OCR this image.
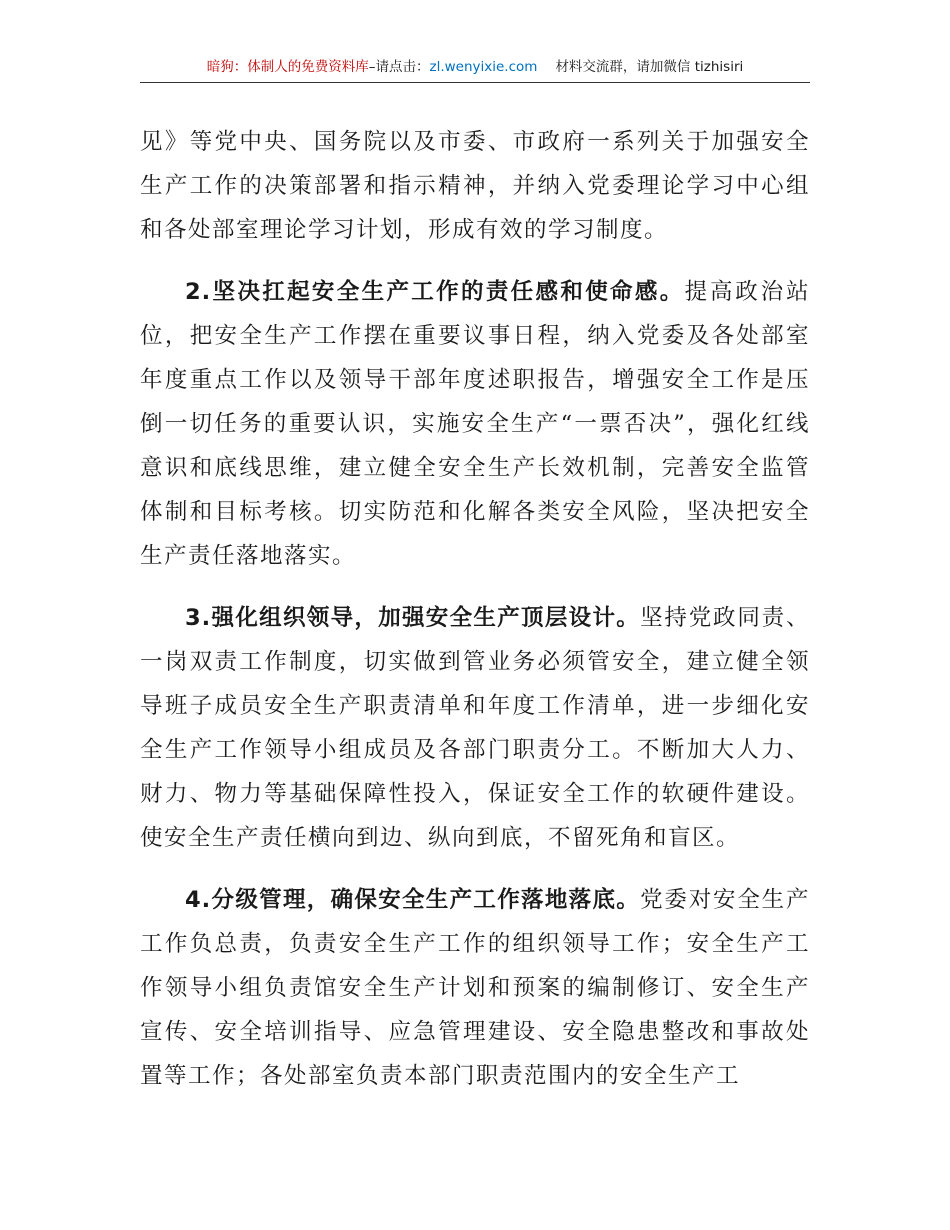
暗狗：体制人的免费资料库–请点击：zl.wenyixie.com 材料交流群，请加微信 tizhisiri

见》等党中央、国务院以及市委、市政府一系列关于加强安全生产工作的决策部署和指示精神，并纳入党委理论学习中心组和各处部室理论学习计划，形成有效的学习制度。

2.坚决扛起安全生产工作的责任感和使命感。提高政治站位，把安全生产工作摆在重要议事日程，纳入党委及各处部室年度重点工作以及领导干部年度述职报告，增强安全工作是压倒一切任务的重要认识，实施安全生产“一票否决”，强化红线意识和底线思维，建立健全安全生产长效机制，完善安全监管体制和目标考核。切实防范和化解各类安全风险，坚决把安全生产责任落地落实。

3.强化组织领导，加强安全生产顶层设计。坚持党政同责、一岗双责工作制度，切实做到管业务必须管安全，建立健全领导班子成员安全生产职责清单和年度工作清单，进一步细化安全生产工作领导小组成员及各部门职责分工。不断加大人力、财力、物力等基础保障性投入，保证安全工作的软硬件建设。使安全生产责任横向到边、纵向到底，不留死角和盲区。

4.分级管理，确保安全生产工作落地落底。党委对安全生产工作负总责，负责安全生产工作的组织领导工作；安全生产工作领导小组负责馆安全生产计划和预案的编制修订、安全生产宣传、安全培训指导、应急管理建设、安全隐患整改和事故处置等工作；各处部室负责本部门职责范围内的安全生产工
